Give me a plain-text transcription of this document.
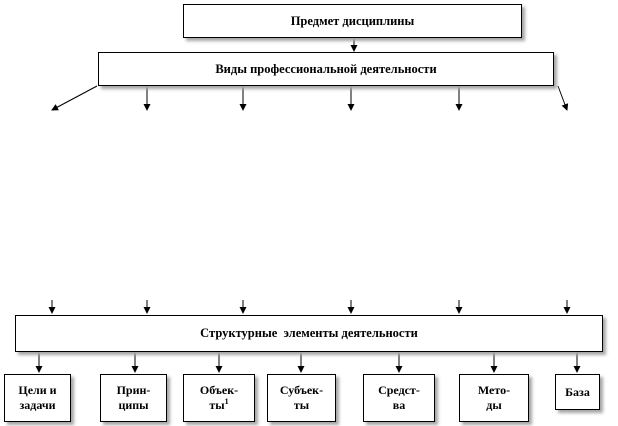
Предмет дисциплины
Виды профессиональной деятельности
Структурные  элементы деятельности
Цели и
задачи
Прин-
ципы
Объек-
$ты^1$
Субъек-
ты
Средст-
ва
Мето-
ды
База
